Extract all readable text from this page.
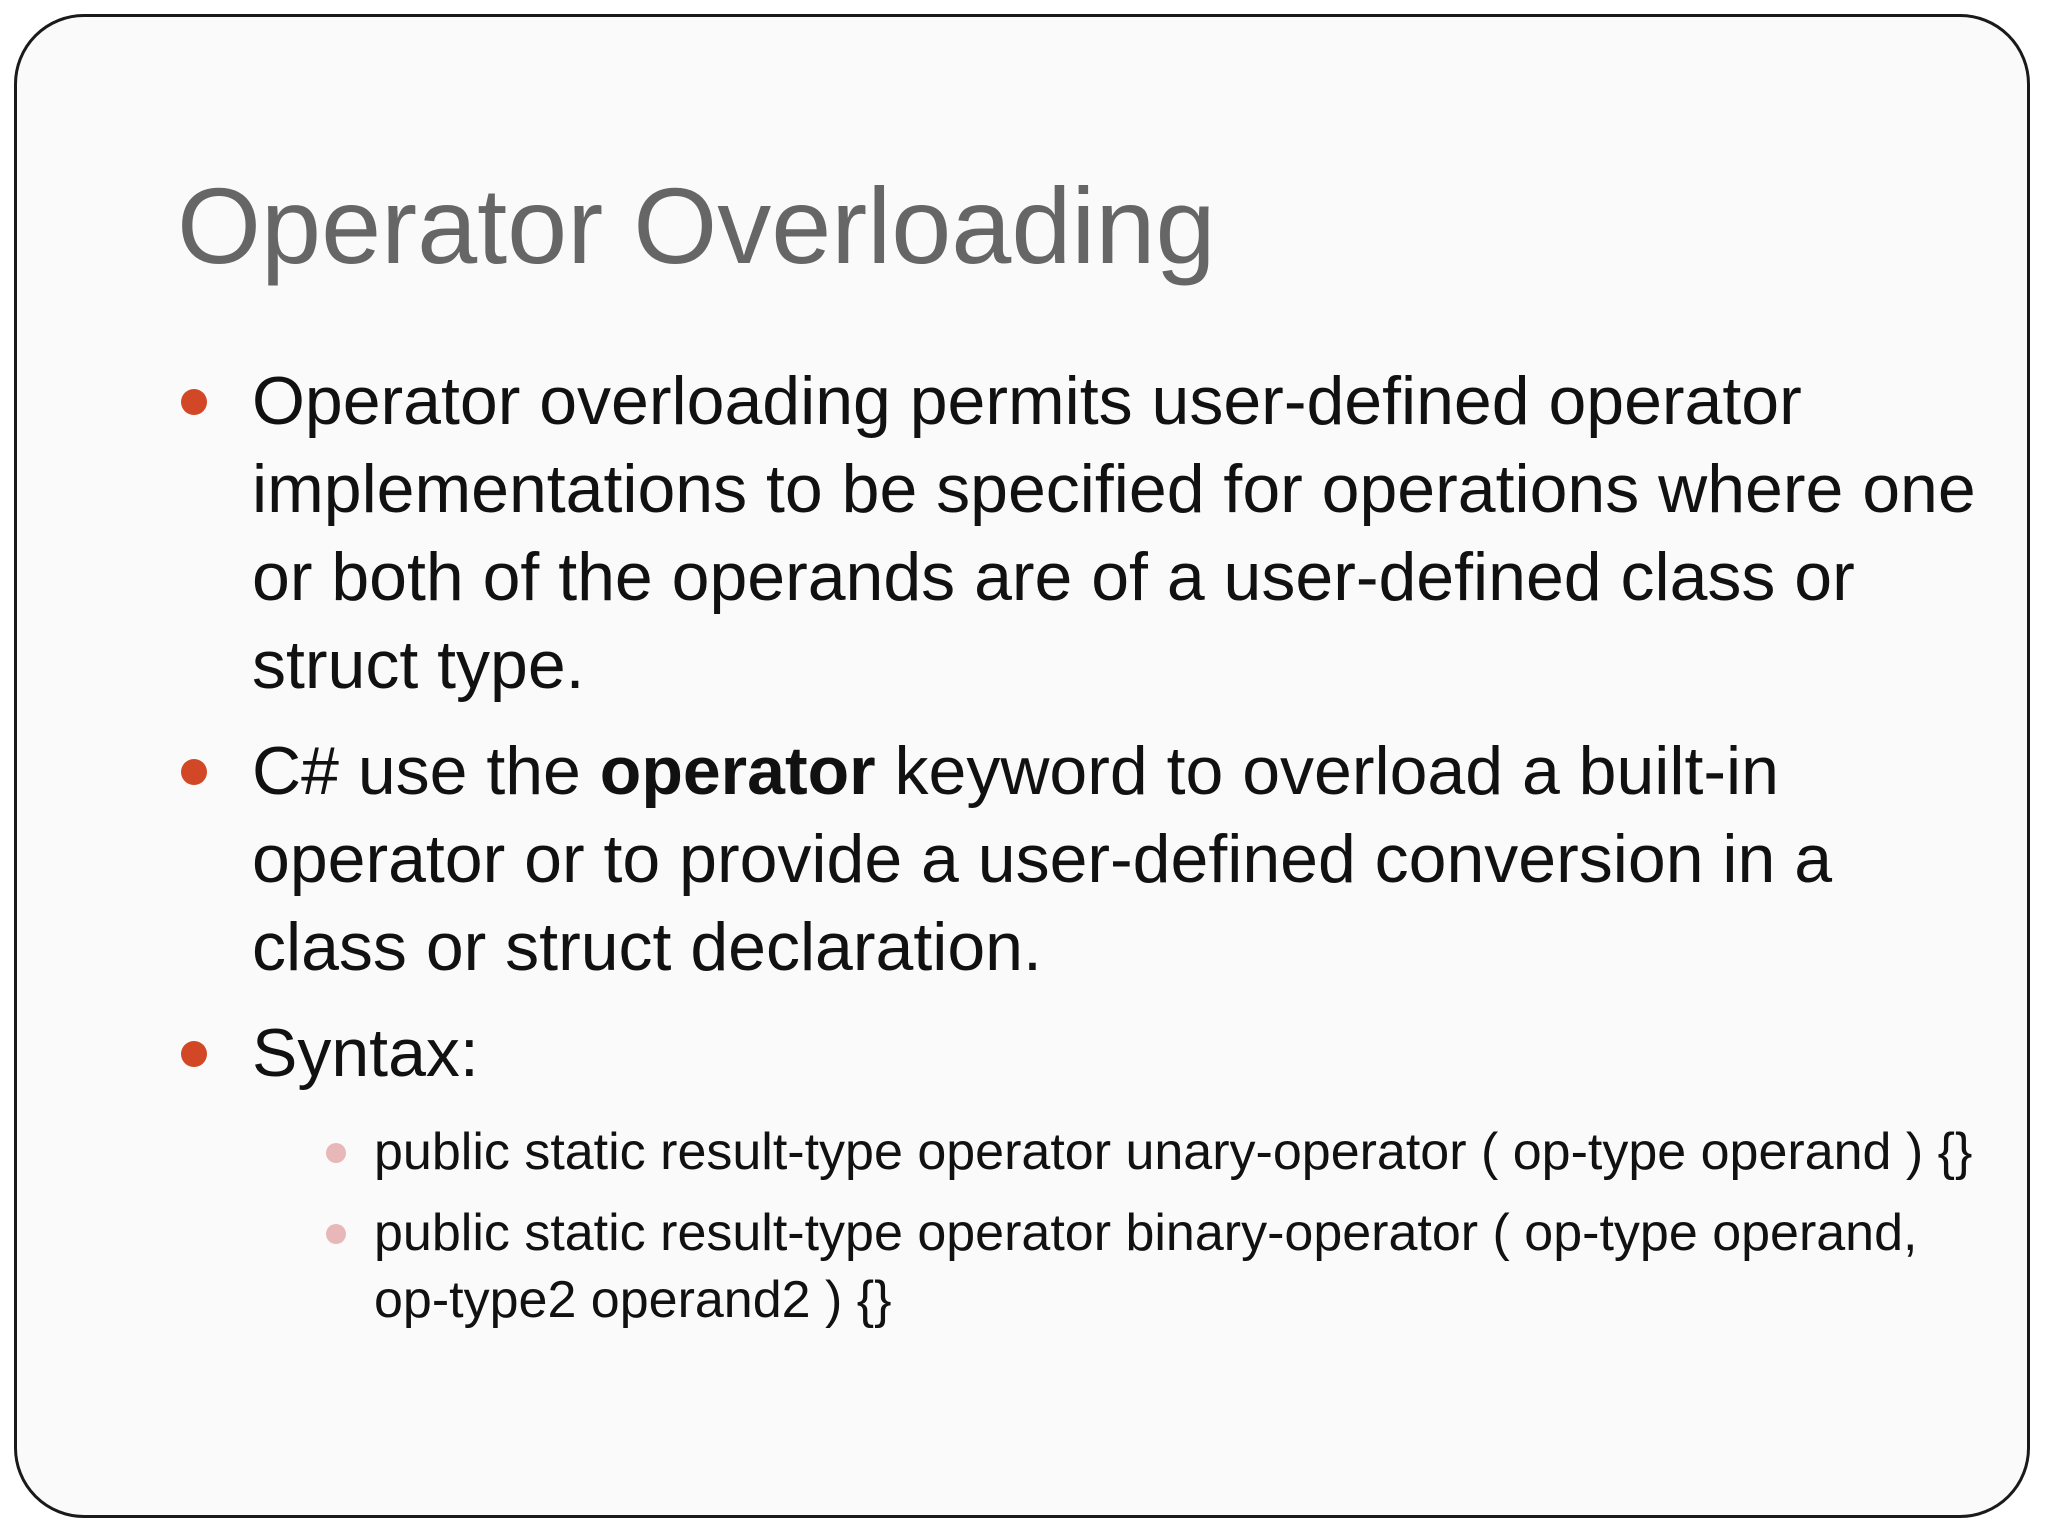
Operator Overloading
Operator overloading permits user-defined operator implementations to be specified for operations where one or both of the operands are of a user-defined class or struct type.
C# use the operator keyword to overload a built-in operator or to provide a user-defined conversion in a class or struct declaration.
Syntax:
public static result-type operator unary-operator ( op-type operand ) {}
public static result-type operator binary-operator ( op-type operand, op-type2 operand2 ) {}
